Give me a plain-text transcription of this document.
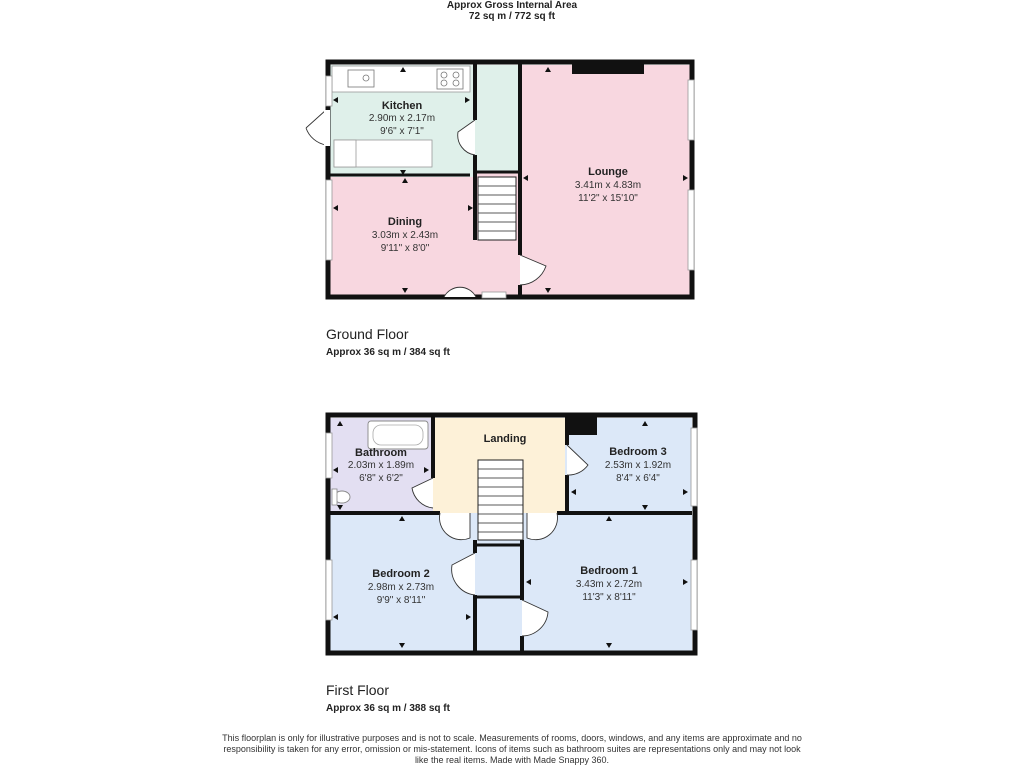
Approx Gross Internal Area
72 sq m / 772 sq ft
Kitchen
2.90m x 2.17m
9'6" x 7'1"
Dining
3.03m x 2.43m
9'11" x 8'0"
Lounge
3.41m x 4.83m
11'2" x 15'10"
Bathroom
2.03m x 1.89m
6'8" x 6'2"
Landing
Bedroom 3
2.53m x 1.92m
8'4" x 6'4"
Bedroom 2
2.98m x 2.73m
9'9" x 8'11"
Bedroom 1
3.43m x 2.72m
11'3" x 8'11"
Ground Floor
Approx 36 sq m / 384 sq ft
First Floor
Approx 36 sq m / 388 sq ft
This floorplan is only for illustrative purposes and is not to scale. Measurements of rooms, doors, windows, and any items are approximate and no responsibility is taken for any error, omission or mis-statement. Icons of items such as bathroom suites are representations only and may not look like the real items. Made with Made Snappy 360.
